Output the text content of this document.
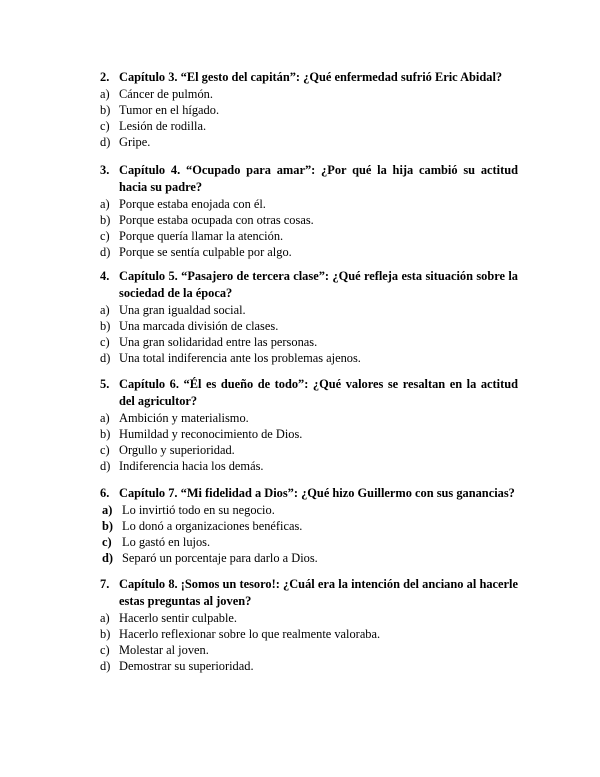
2. Capítulo 3. “El gesto del capitán”: ¿Qué enfermedad sufrió Eric Abidal?
a) Cáncer de pulmón.
b) Tumor en el hígado.
c) Lesión de rodilla.
d) Gripe.
3. Capítulo 4. “Ocupado para amar”: ¿Por qué la hija cambió su actitud hacia su padre?
a) Porque estaba enojada con él.
b) Porque estaba ocupada con otras cosas.
c) Porque quería llamar la atención.
d) Porque se sentía culpable por algo.
4. Capítulo 5. “Pasajero de tercera clase”: ¿Qué refleja esta situación sobre la sociedad de la época?
a) Una gran igualdad social.
b) Una marcada división de clases.
c) Una gran solidaridad entre las personas.
d) Una total indiferencia ante los problemas ajenos.
5. Capítulo 6. “Él es dueño de todo”: ¿Qué valores se resaltan en la actitud del agricultor?
a) Ambición y materialismo.
b) Humildad y reconocimiento de Dios.
c) Orgullo y superioridad.
d) Indiferencia hacia los demás.
6. Capítulo 7. “Mi fidelidad a Dios”: ¿Qué hizo Guillermo con sus ganancias?
a) Lo invirtió todo en su negocio.
b) Lo donó a organizaciones benéficas.
c) Lo gastó en lujos.
d) Separó un porcentaje para darlo a Dios.
7. Capítulo 8. ¡Somos un tesoro!: ¿Cuál era la intención del anciano al hacerle estas preguntas al joven?
a) Hacerlo sentir culpable.
b) Hacerlo reflexionar sobre lo que realmente valoraba.
c) Molestar al joven.
d) Demostrar su superioridad.
